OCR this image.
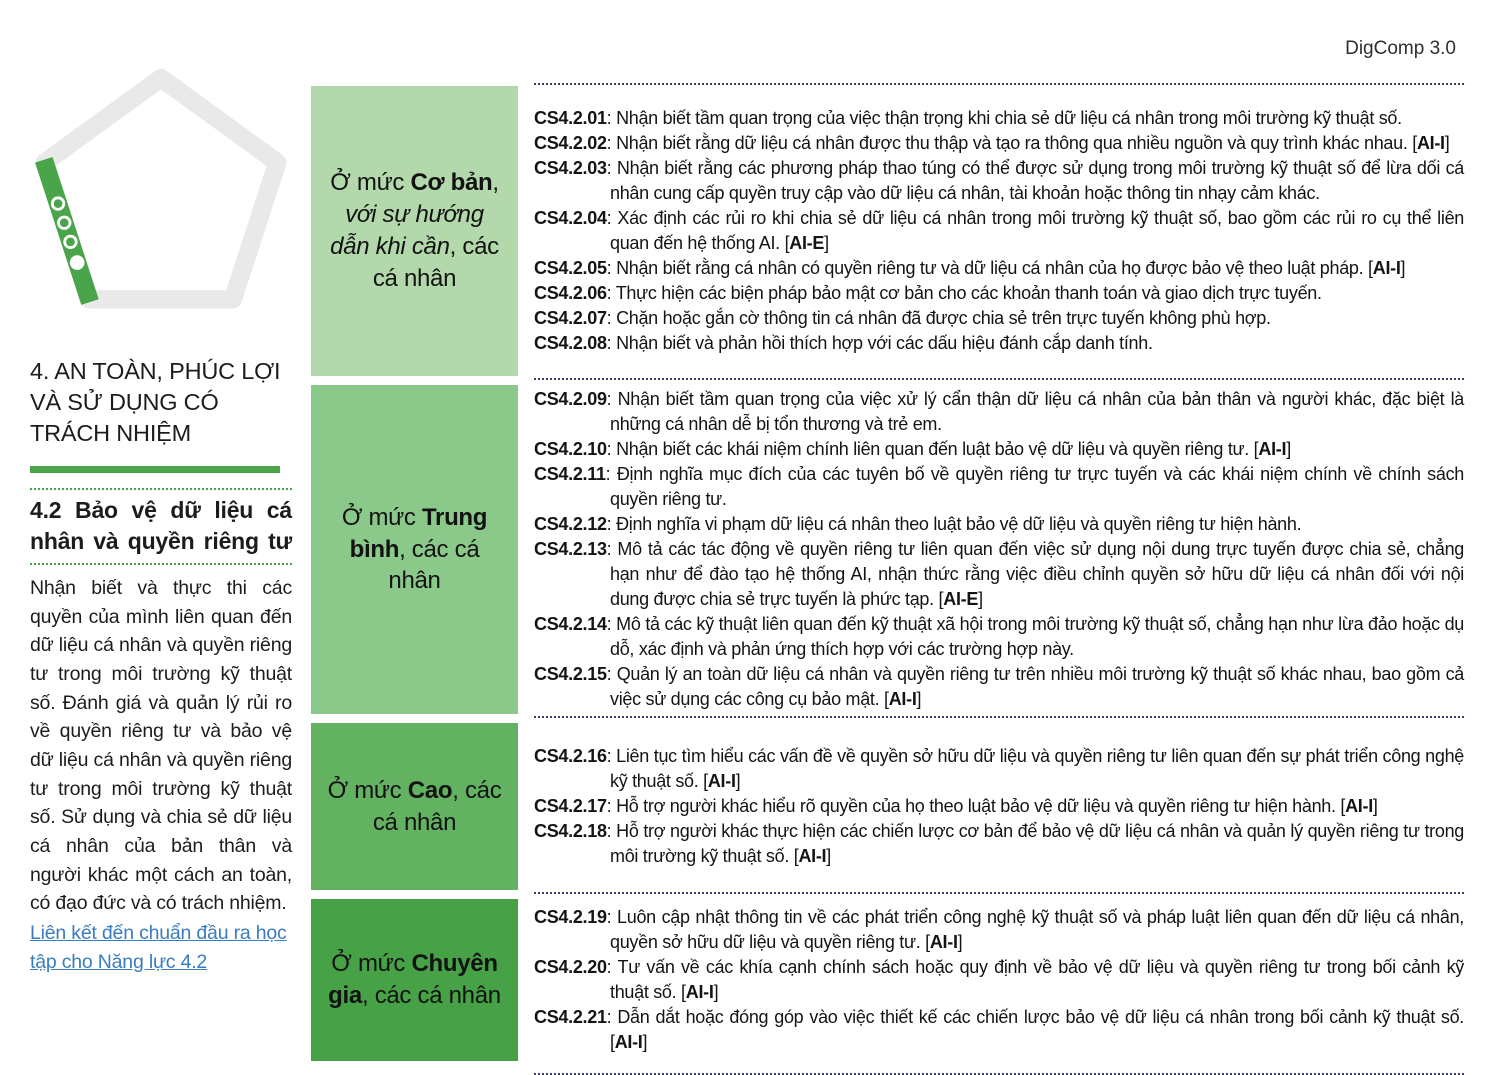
DigComp 3.0
4. AN TOÀN, PHÚC LỢI VÀ SỬ DỤNG CÓ TRÁCH NHIỆM
4.2 Bảo vệ dữ liệu cá nhân và quyền riêng tư

Nhận biết và thực thi các quyền của mình liên quan đến dữ liệu cá nhân và quyền riêng tư trong môi trường kỹ thuật số. Đánh giá và quản lý rủi ro về quyền riêng tư và bảo vệ dữ liệu cá nhân và quyền riêng tư trong môi trường kỹ thuật số. Sử dụng và chia sẻ dữ liệu cá nhân của bản thân và người khác một cách an toàn, có đạo đức và có trách nhiệm.

Liên kết đến chuẩn đầu ra học tập cho Năng lực 4.2
Ở mức Cơ bản, với sự hướng dẫn khi cần, các cá nhân
CS4.2.01: Nhận biết tầm quan trọng của việc thận trọng khi chia sẻ dữ liệu cá nhân trong môi trường kỹ thuật số.
CS4.2.02: Nhận biết rằng dữ liệu cá nhân được thu thập và tạo ra thông qua nhiều nguồn và quy trình khác nhau. [AI-I]
CS4.2.03: Nhận biết rằng các phương pháp thao túng có thể được sử dụng trong môi trường kỹ thuật số để lừa dối cá nhân cung cấp quyền truy cập vào dữ liệu cá nhân, tài khoản hoặc thông tin nhạy cảm khác.
CS4.2.04: Xác định các rủi ro khi chia sẻ dữ liệu cá nhân trong môi trường kỹ thuật số, bao gồm các rủi ro cụ thể liên quan đến hệ thống AI. [AI-E]
CS4.2.05: Nhận biết rằng cá nhân có quyền riêng tư và dữ liệu cá nhân của họ được bảo vệ theo luật pháp. [AI-I]
CS4.2.06: Thực hiện các biện pháp bảo mật cơ bản cho các khoản thanh toán và giao dịch trực tuyến.
CS4.2.07: Chặn hoặc gắn cờ thông tin cá nhân đã được chia sẻ trên trực tuyến không phù hợp.
CS4.2.08: Nhận biết và phản hồi thích hợp với các dấu hiệu đánh cắp danh tính.
Ở mức Trung bình, các cá nhân
CS4.2.09: Nhận biết tầm quan trọng của việc xử lý cẩn thận dữ liệu cá nhân của bản thân và người khác, đặc biệt là những cá nhân dễ bị tổn thương và trẻ em.
CS4.2.10: Nhận biết các khái niệm chính liên quan đến luật bảo vệ dữ liệu và quyền riêng tư. [AI-I]
CS4.2.11: Định nghĩa mục đích của các tuyên bố về quyền riêng tư trực tuyến và các khái niệm chính về chính sách quyền riêng tư.
CS4.2.12: Định nghĩa vi phạm dữ liệu cá nhân theo luật bảo vệ dữ liệu và quyền riêng tư hiện hành.
CS4.2.13: Mô tả các tác động về quyền riêng tư liên quan đến việc sử dụng nội dung trực tuyến được chia sẻ, chẳng hạn như để đào tạo hệ thống AI, nhận thức rằng việc điều chỉnh quyền sở hữu dữ liệu cá nhân đối với nội dung được chia sẻ trực tuyến là phức tạp. [AI-E]
CS4.2.14: Mô tả các kỹ thuật liên quan đến kỹ thuật xã hội trong môi trường kỹ thuật số, chẳng hạn như lừa đảo hoặc dụ dỗ, xác định và phản ứng thích hợp với các trường hợp này.
CS4.2.15: Quản lý an toàn dữ liệu cá nhân và quyền riêng tư trên nhiều môi trường kỹ thuật số khác nhau, bao gồm cả việc sử dụng các công cụ bảo mật. [AI-I]
Ở mức Cao, các cá nhân
CS4.2.16: Liên tục tìm hiểu các vấn đề về quyền sở hữu dữ liệu và quyền riêng tư liên quan đến sự phát triển công nghệ kỹ thuật số. [AI-I]
CS4.2.17: Hỗ trợ người khác hiểu rõ quyền của họ theo luật bảo vệ dữ liệu và quyền riêng tư hiện hành. [AI-I]
CS4.2.18: Hỗ trợ người khác thực hiện các chiến lược cơ bản để bảo vệ dữ liệu cá nhân và quản lý quyền riêng tư trong môi trường kỹ thuật số. [AI-I]
Ở mức Chuyên gia, các cá nhân
CS4.2.19: Luôn cập nhật thông tin về các phát triển công nghệ kỹ thuật số và pháp luật liên quan đến dữ liệu cá nhân, quyền sở hữu dữ liệu và quyền riêng tư. [AI-I]
CS4.2.20: Tư vấn về các khía cạnh chính sách hoặc quy định về bảo vệ dữ liệu và quyền riêng tư trong bối cảnh kỹ thuật số. [AI-I]
CS4.2.21: Dẫn dắt hoặc đóng góp vào việc thiết kế các chiến lược bảo vệ dữ liệu cá nhân trong bối cảnh kỹ thuật số. [AI-I]
